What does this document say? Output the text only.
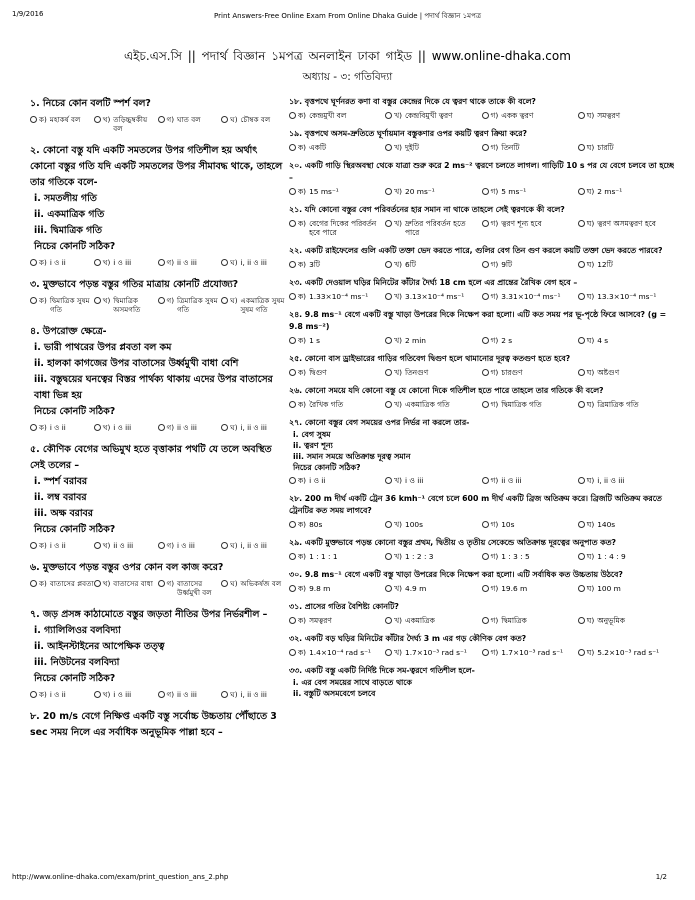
1/9/2016	Print Answers-Free Online Exam From Online Dhaka Guide | পদার্থ বিজ্ঞান ১মপত্র
এইচ.এস.সি || পদার্থ বিজ্ঞান ১মপত্র অনলাইন ঢাকা গাইড || www.online-dhaka.com
অধ্যায় - ৩: গতিবিদ্যা
১. নিচের কোন বলটি স্পর্শ বল?
ক) মহাকর্ষ বল	খ) তড়িচ্চুম্বকীয় বল
গ) ঘাত বল	ঘ) চৌম্বক বল
২. কোনো বস্তু যদি একটি সমতলের উপর গতিশীল হয় অর্থাৎ কোনো বস্তুর গতি যদি একটি সমতলের উপর সীমাবদ্ধ থাকে, তাহলে তার গতিকে বলে-
i. সমতলীয় গতি
ii. একমাত্রিক গতি
iii. দ্বিমাত্রিক গতি
নিচের কোনটি সঠিক?
ক) i ও ii	খ) i ও iii	গ) ii ও iii	ঘ) i, ii ও iii
৩. মুক্তভাবে পড়ন্ত বস্তুর গতির মাত্রায় কোনটি প্রযোজ্য?
ক) দ্বিমাত্রিক সুষম গতি
খ) দ্বিমাত্রিক অসমগতি
গ) ত্রিমাত্রিক সুষম গতি
ঘ) একমাত্রিক সুষম সুষম গতি
৪. উপরোক্ত ক্ষেত্রে-
i. ভারী পাথরের উপর প্লবতা বল কম
ii. হালকা কাগজের উপর বাতাসের উর্ধ্বমুখী বাধা বেশি
iii. বস্তুদ্বয়ের ঘনত্বের বিস্তর পার্থক্য থাকায় এদের উপর বাতাসের বাধা ভিন্ন হয়
নিচের কোনটি সঠিক?
ক) i ও ii	খ) i ও iii	গ) ii ও iii	ঘ) i, ii ও iii
৫. কৌণিক বেগের অভিমুখ হতে বৃত্তাকার পথটি যে তলে অবস্থিত সেই তলের –
i. স্পর্শ বরাবর
ii. লম্ব বরাবর
iii. অক্ষ বরাবর
নিচের কোনটি সঠিক?
ক) i ও ii	খ) ii ও iii	গ) i ও iii	ঘ) i, ii ও iii
৬. মুক্তভাবে পড়ন্ত বস্তুর ওপর কোন বল কাজ করে?
ক) বাতাসের প্লবতা খ) বাতাসের বাধা	গ) বাতাসের উর্ধ্বমুখী বল
ঘ) অভিকর্ষজ বল
৭. জড় প্রসঙ্গ কাঠামোতে বস্তুর জড়তা নীতির উপর নির্ভরশীল –
i. গ্যালিলিওর বলবিদ্যা
ii. আইনস্টাইনের আপেক্ষিক তত্ত্ব
iii. নিউটনের বলবিদ্যা
নিচের কোনটি সঠিক?
ক) i ও ii	খ) i ও iii	গ) ii ও iii	ঘ) i, ii ও iii
৮. 20 m/s বেগে নিক্ষিপ্ত একটি বস্তু সর্বোচ্চ উচ্চতায় পৌঁছাতে 3 sec সময় নিলে এর সর্বাধিক অনুভূমিক পাল্লা হবে –
১৮. বৃত্তপথে ঘূর্ণনরত কণা বা বস্তুর কেন্দ্রের দিকে যে ত্বরণ থাকে তাকে কী বলে?
ক) কেন্দ্রমুখী বল	খ) কেন্দ্রবিমুখী ত্বরণ	গ) একক ত্বরণ	ঘ) সমত্বরণ
১৯. বৃত্তপথে অসম-দ্রুতিতে ঘূর্ণায়মান বস্তুকণার ওপর কয়টি ত্বরণ ক্রিয়া করে?
ক) একটি	খ) দুইটি	গ) তিনটি	ঘ) চারটি
২০. একটি গাড়ি স্থিরঅবস্থা থেকে যাত্রা শুরু করে 2 ms⁻² ত্বরণে চলতে লাগল। গাড়িটি 10 s পর যে বেগে চলবে তা হচ্ছে –
ক) 15 ms⁻¹	খ) 20 ms⁻¹	গ) 5 ms⁻¹	ঘ) 2 ms⁻¹
২১. যদি কোনো বস্তুর বেগ পরিবর্তনের হার সমান না থাকে তাহলে সেই ত্বরণকে কী বলে?
ক) বেগের দিকের পরিবর্তন হবে পারে
খ) দ্রুতির পরিবর্তন হতে পারে
গ) ত্বরণ শূন্য হবে	ঘ) ত্বরণ অসমত্বরণ হবে
২২. একটি রাইফেলের গুলি একটি তক্তা ভেদ করতে পারে, গুলির বেগ তিন গুণ করলে কয়টি তক্তা ভেদ করতে পারবে?
ক) 3টি	খ) 6টি	গ) 9টি	ঘ) 12টি
২৩. একটি দেওয়াল ঘড়ির মিনিটের কাঁটার দৈর্ঘ্য 18 cm হলে এর প্রান্তের রৈখিক বেগ হবে –
ক) 1.33×10⁻⁴ ms⁻¹	খ) 3.13×10⁻⁴ ms⁻¹	গ) 3.31×10⁻⁴ ms⁻¹	ঘ) 13.3×10⁻⁴ ms⁻¹
২৪. 9.8 ms⁻¹ বেগে একটি বস্তু খাড়া উপরের দিকে নিক্ষেপ করা হলো। এটি কত সময় পর ভূ-পৃষ্ঠে ফিরে আসবে? (g = 9.8 ms⁻²)
ক) 1 s	খ) 2 min	গ) 2 s	ঘ) 4 s
২৫. কোনো বাস ড্রাইভারের গাড়ির গতিবেগ দ্বিগুণ হলে থামানোর দূরত্ব কতগুণ হতে হবে?
ক) দ্বিগুণ	খ) তিনগুণ	গ) চারগুণ	ঘ) অষ্টগুণ
২৬. কোনো সময়ে যদি কোনো বস্তু যে কোনো দিকে গতিশীল হতে পারে তাহলে তার গতিকে কী বলে?
ক) রৈখিক গতি	খ) একমাত্রিক গতি	গ) দ্বিমাত্রিক গতি	ঘ) ত্রিমাত্রিক গতি
২৭. কোনো বস্তুর বেগ সময়ের ওপর নির্ভর না করলে তার-
i. বেগ সুষম
ii. ত্বরণ শূন্য
iii. সমান সময়ে অতিক্রান্ত দূরত্ব সমান
নিচের কোনটি সঠিক?
ক) i ও ii	খ) i ও iii	গ) ii ও iii	ঘ) i, ii ও iii
২৮. 200 m দীর্ঘ একটি ট্রেন 36 kmh⁻¹ বেগে চলে 600 m দীর্ঘ একটি ব্রিজ অতিক্রম করে। ব্রিজটি অতিক্রম করতে ট্রেনটির কত সময় লাগবে?
ক) 80s	খ) 100s	গ) 10s	ঘ) 140s
২৯. একটি মুক্তভাবে পড়ন্ত কোনো বস্তুর প্রথম, দ্বিতীয় ও তৃতীয় সেকেন্ডে অতিক্রান্ত দূরত্বের অনুপাত কত?
ক) 1 : 1 : 1	খ) 1 : 2 : 3	গ) 1 : 3 : 5	ঘ) 1 : 4 : 9
৩০. 9.8 ms⁻¹ বেগে একটি বস্তু খাড়া উপরের দিকে নিক্ষেপ করা হলো। এটি সর্বাধিক কত উচ্চতায় উঠবে?
ক) 9.8 m	খ) 4.9 m	গ) 19.6 m	ঘ) 100 m
৩১. প্রাসের গতির বৈশিষ্ট্য কোনটি?
ক) সমত্বরণ	খ) একমাত্রিক	গ) দ্বিমাত্রিক	ঘ) অনুভূমিক
৩২. একটি বড় ঘড়ির মিনিটের কাঁটার দৈর্ঘ্য 3 m এর গড় কৌণিক বেগ কত?
ক) 1.4×10⁻⁴ rad s⁻¹	খ) 1.7×10⁻³ rad s⁻¹	গ) 1.7×10⁻³ rad s⁻¹	ঘ) 5.2×10⁻³ rad s⁻¹
৩৩. একটি বস্তু একটি নির্দিষ্ট দিকে সম-ত্বরণে গতিশীল হলে-
i. এর বেগ সময়ের সাথে বাড়তে থাকে
ii. বস্তুটি অসমবেগে চলবে
http://www.online-dhaka.com/exam/print_question_ans_2.php	1/2
